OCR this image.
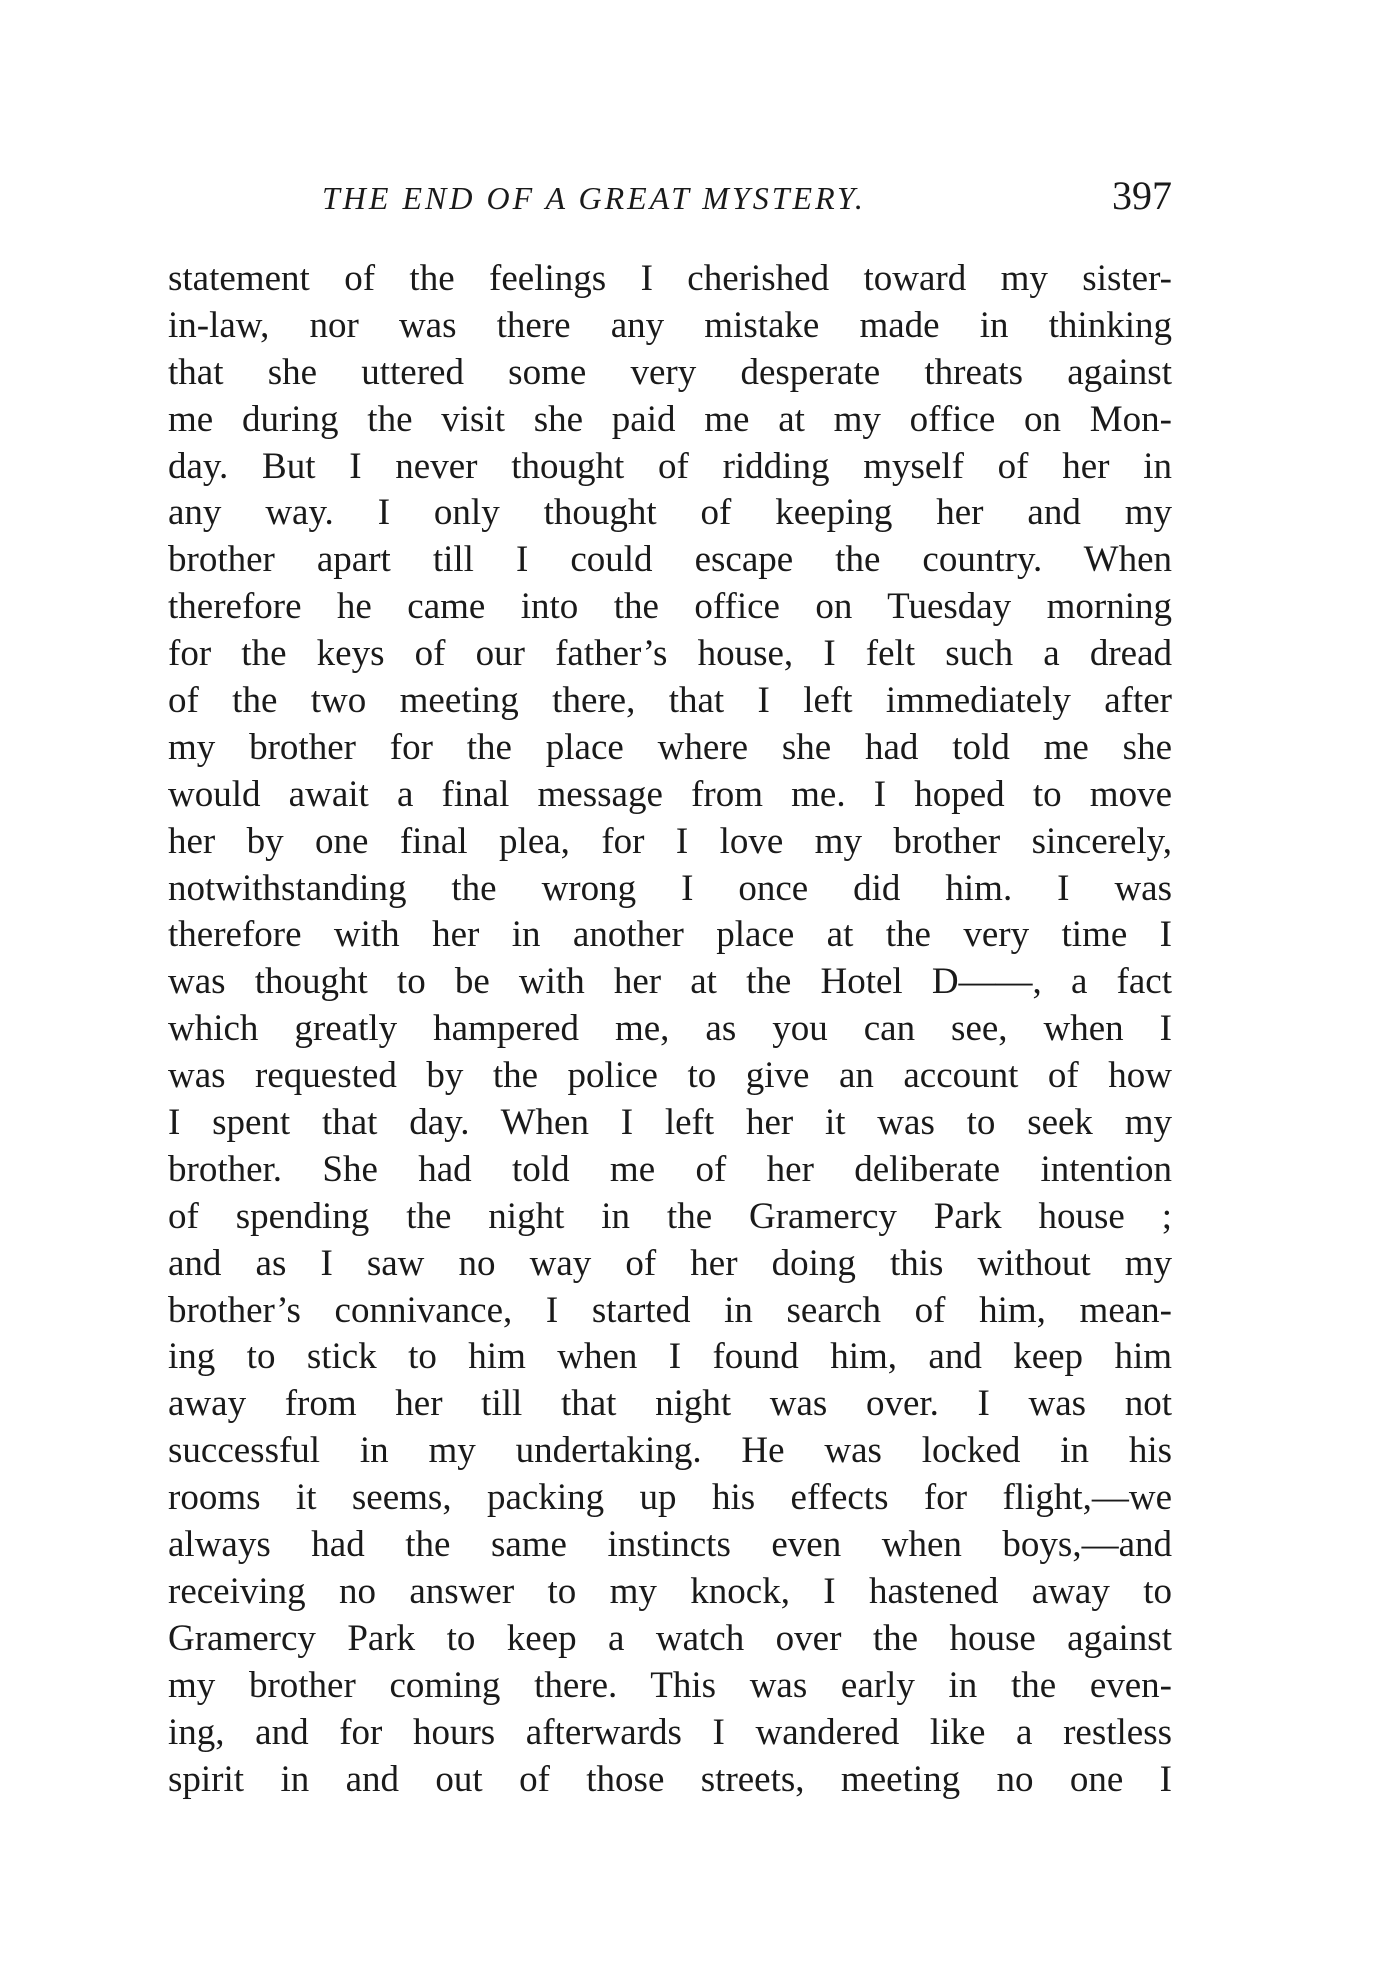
THE END OF A GREAT MYSTERY.	397
statement of the feelings I cherished toward my sister-
in-law, nor was there any mistake made in thinking
that she uttered some very desperate threats against
me during the visit she paid me at my office on Mon-
day. But I never thought of ridding myself of her in
any way. I only thought of keeping her and my
brother apart till I could escape the country. When
therefore he came into the office on Tuesday morning
for the keys of our father’s house, I felt such a dread
of the two meeting there, that I left immediately after
my brother for the place where she had told me she
would await a final message from me. I hoped to move
her by one final plea, for I love my brother sincerely,
notwithstanding the wrong I once did him. I was
therefore with her in another place at the very time I
was thought to be with her at the Hotel D——, a fact
which greatly hampered me, as you can see, when I
was requested by the police to give an account of how
I spent that day. When I left her it was to seek my
brother. She had told me of her deliberate intention
of spending the night in the Gramercy Park house ;
and as I saw no way of her doing this without my
brother’s connivance, I started in search of him, mean-
ing to stick to him when I found him, and keep him
away from her till that night was over. I was not
successful in my undertaking. He was locked in his
rooms it seems, packing up his effects for flight,—we
always had the same instincts even when boys,—and
receiving no answer to my knock, I hastened away to
Gramercy Park to keep a watch over the house against
my brother coming there. This was early in the even-
ing, and for hours afterwards I wandered like a restless
spirit in and out of those streets, meeting no one I
